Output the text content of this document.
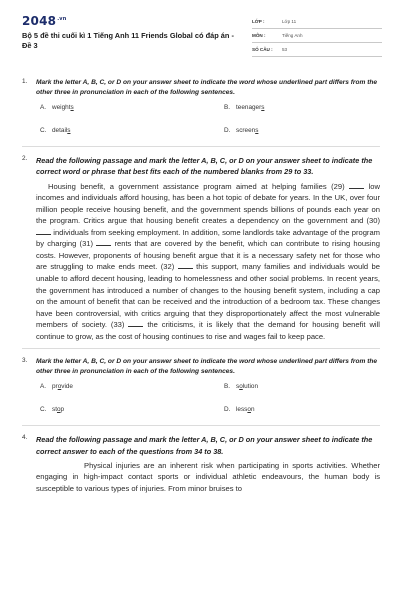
$2048^{.vn}$
Bộ 5 đề thi cuối kì 1 Tiếng Anh 11 Friends Global có đáp án - Đề 3
LỚP :	Lớp 11
MÔN :	Tiếng Anh
SỐ CÂU :	53
1. Mark the letter A, B, C, or D on your answer sheet to indicate the word whose underlined part differs from the other three in pronunciation in each of the following sentences.
A. weights	B. teenagers
C. details	D. screens
2. Read the following passage and mark the letter A, B, C, or D on your answer sheet to indicate the correct word or phrase that best fits each of the numbered blanks from 29 to 33.
Housing benefit, a government assistance program aimed at helping families (29)	low incomes and individuals afford housing, has been a hot topic of debate for years. In the UK, over four million people receive housing benefit, and the government spends billions of pounds each year on the program. Critics argue that housing benefit creates a dependency on the government and (30)  individuals from seeking employment. In addition, some landlords take advantage of the program by charging (31)	rents that are covered by the benefit, which can contribute to rising housing costs. However, proponents of housing benefit argue that it is a necessary safety net for those who are struggling to make ends meet. (32)	this support, many families and individuals would be unable to afford decent housing, leading to homelessness and other social problems. In recent years, the government has introduced a number of changes to the housing benefit system, including a cap on the amount of benefit that can be received and the introduction of a bedroom tax. These changes have been controversial, with critics arguing that they disproportionately affect the most vulnerable members of society. (33)	the criticisms, it is likely that the demand for housing benefit will continue to grow, as the cost of housing continues to rise and wages fail to keep pace.
3. Mark the letter A, B, C, or D on your answer sheet to indicate the word whose underlined part differs from the other three in pronunciation in each of the following sentences.
A. provide	B. solution
C. stop	D. lesson
4. Read the following passage and mark the letter A, B, C, or D on your answer sheet to indicate the correct answer to each of the questions from 34 to 38.
Physical injuries are an inherent risk when participating in sports activities. Whether engaging in high-impact contact sports or individual athletic endeavours, the human body is susceptible to various types of injuries. From minor bruises to
